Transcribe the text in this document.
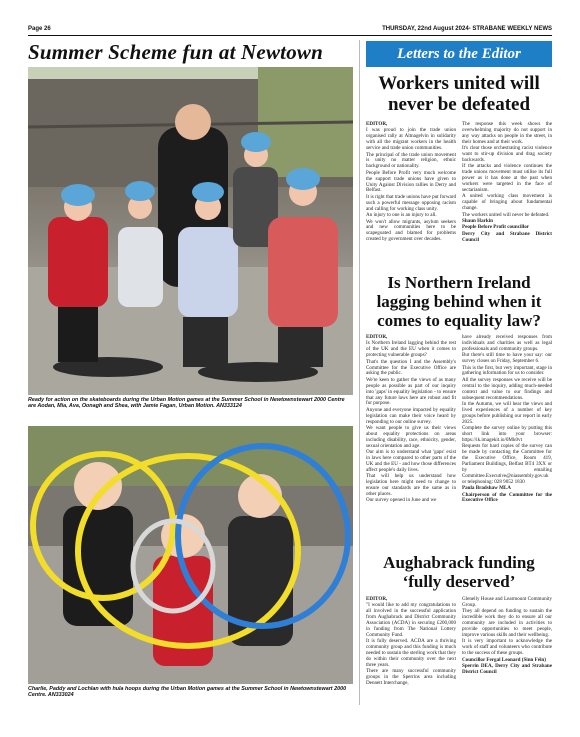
Page 26	THURSDAY, 22nd August 2024- STRABANE WEEKLY NEWS
Summer Scheme fun at Newtown
Ready for action on the skateboards during the Urban Motion games at the Summer School in Newtownstewart 2000 Centre are Aodan, Mia, Ava, Oonagh and Shea, with Jamie Fagan, Urban Motion. AN333124
Charlie, Paddy and Lochlan with hula hoops during the Urban Motion games at the Summer School in Newtownstewart 2000 Centre. AN333024
Letters to the Editor
Workers united will never be defeated

EDITOR,

I was proud to join the trade union organised rally at Altnagelvin in solidarity with all the migrant workers in the health service and trade union communities.

The principal of the trade union movement is unity no matter religion, ethnic background or nationality.

People Before Profit very much welcome the support trade unions have given to Unity Against Division rallies in Derry and Belfast.

It is right that trade unions have put forward such a powerful message opposing racism and calling for working class unity.

An injury to one is an injury to all.

We won't allow migrants, asylum seekers and new communities here to be scapegoated and blamed for problems created by government over decades.

The response this week shows the overwhelming majority do not support in any way attacks on people in the street, in their homes and at their work.

It's clear those orchestrating racist violence want to stir-up division and drag society backwards.

If the attacks and violence continues the trade unions movement must utilise its full power as it has done at the past when workers were targeted in the face of sectarianism.

A united working class movement is capable of bringing about fundamental change.

The workers united will never be defeated.

Shaun Harkin

People Before Profit councillor

Derry City and Strabane District Council

Is Northern Ireland lagging behind when it comes to equality law?

EDITOR,

Is Northern Ireland lagging behind the rest of the UK and the EU when it comes to protecting vulnerable groups?

That's the question I and the Assembly's Committee for the Executive Office are asking the public.

We're keen to gather the views of as many people as possible as part of our inquiry into 'gaps' in equality legislation - to ensure that any future laws here are robust and fit for purpose.

Anyone and everyone impacted by equality legislation can make their voice heard by responding to our online survey.

We want people to give us their views about equality protections on areas including disability, race, ethnicity, gender, sexual orientation and age.

Our aim is to understand what 'gaps' exist in laws here compared to other parts of the UK and the EU - and how those differences affect people's daily lives.

That will help us understand how legislation here might need to change to ensure our standards are the same as in other places.

Our survey opened in June and we

have already received responses from individuals and charities as well as legal professionals and community groups.

But there's still time to have your say: our survey closes on Friday, September 6.

This is the first, but very important, stage in gathering information for us to consider.

All the survey responses we receive will be central to the inquiry, adding much-needed context and value to our findings and subsequent recommendations.

In the Autumn, we will hear the views and lived experiences of a number of key groups before publishing our report in early 2025.

Complete the survey online by putting this short link into your browser: https://ik.imagekit.io/0Mk0vt

Requests for hard copies of the survey can be made by contacting the Committee for the Executive Office, Room 419, Parliament Buildings, Belfast BT4 3XX or by emailing Committee.Executive@niassembly.gov.uk or telephoning: 028 9052 1830

Paula Bradshaw MLA

Chairperson of the Committee for the Executive Office

Aughabrack funding ‘fully deserved’

EDITOR,

"I would like to add my congratulations to all involved in the successful application from Aughabrack and District Community Association (ACDA) in securing £200,000 in funding from The National Lottery Community Fund.

It is fully deserved. ACDA are a thriving community group and this funding is much needed to sustain the sterling work that they do within their community over the next three years.

There are many successful community groups in the Sperrins area including Dennett Interchange,

Glenelly House and Learmount Community Group.

They all depend on funding to sustain the incredible work they do to ensure all our community are included in activities to provide opportunities to meet people, improve various skills and their wellbeing.

It is very important to acknowledge the work of staff and volunteers who contribute to the success of these groups.

Councillor Fergal Leonard (Sinn Féin)

Sperrin DEA, Derry City and Strabane District Council
